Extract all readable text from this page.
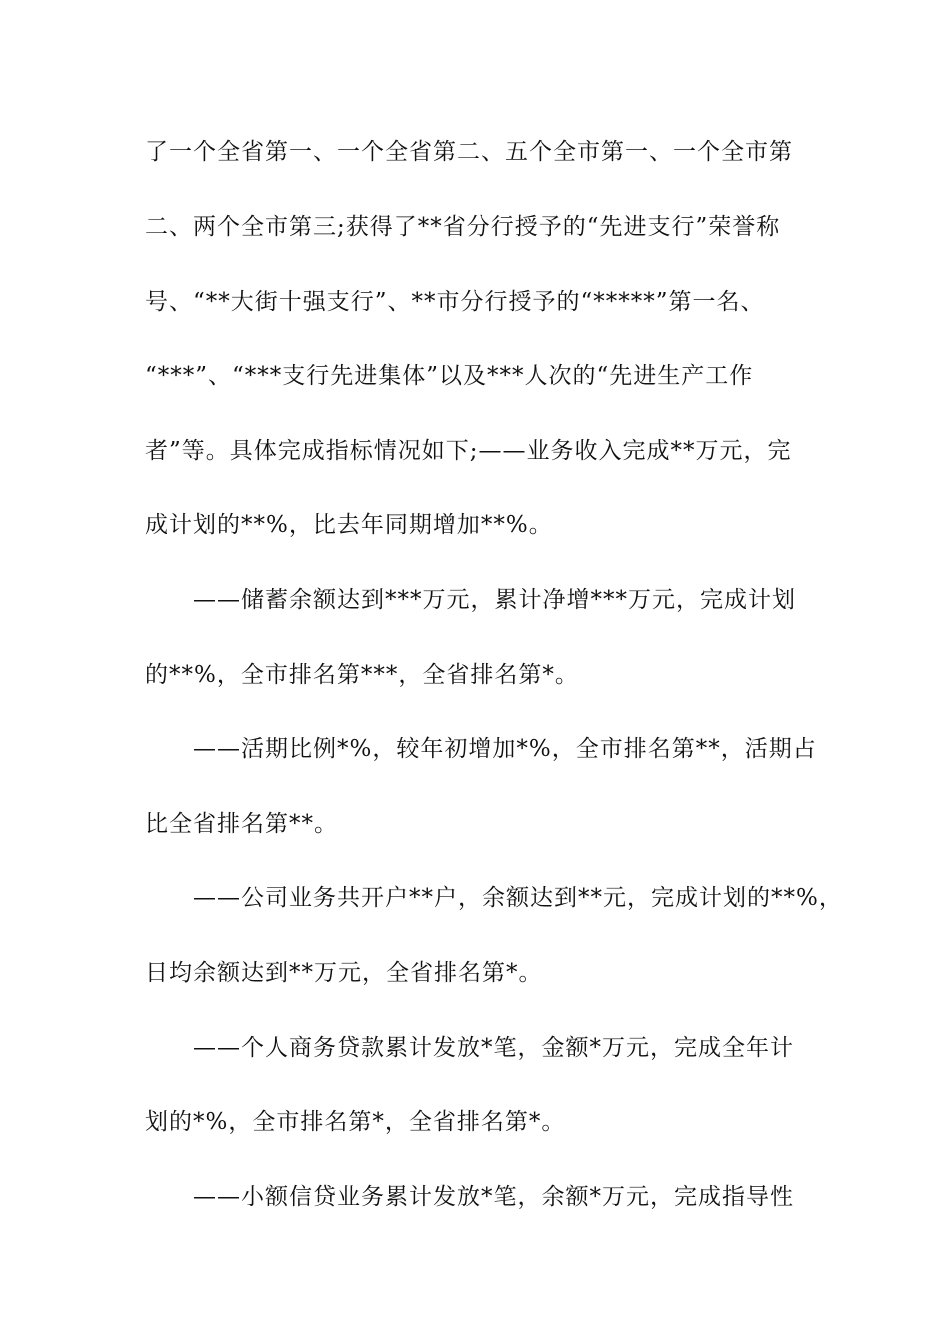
了一个全省第一、一个全省第二、五个全市第一、一个全市第
二、两个全市第三;获得了**省分行授予的“先进支行”荣誉称
号、“**大街十强支行”、**市分行授予的“*****”第一名、
“***”、“***支行先进集体”以及***人次的“先进生产工作
者”等。具体完成指标情况如下;——业务收入完成**万元，完
成计划的**%，比去年同期增加**%。
——储蓄余额达到***万元，累计净增***万元，完成计划
的**%，全市排名第***，全省排名第*。
——活期比例*%，较年初增加*%，全市排名第**，活期占
比全省排名第**。
——公司业务共开户**户，余额达到**元，完成计划的**%，
日均余额达到**万元，全省排名第*。
——个人商务贷款累计发放*笔，金额*万元，完成全年计
划的*%，全市排名第*，全省排名第*。
——小额信贷业务累计发放*笔，余额*万元，完成指导性
